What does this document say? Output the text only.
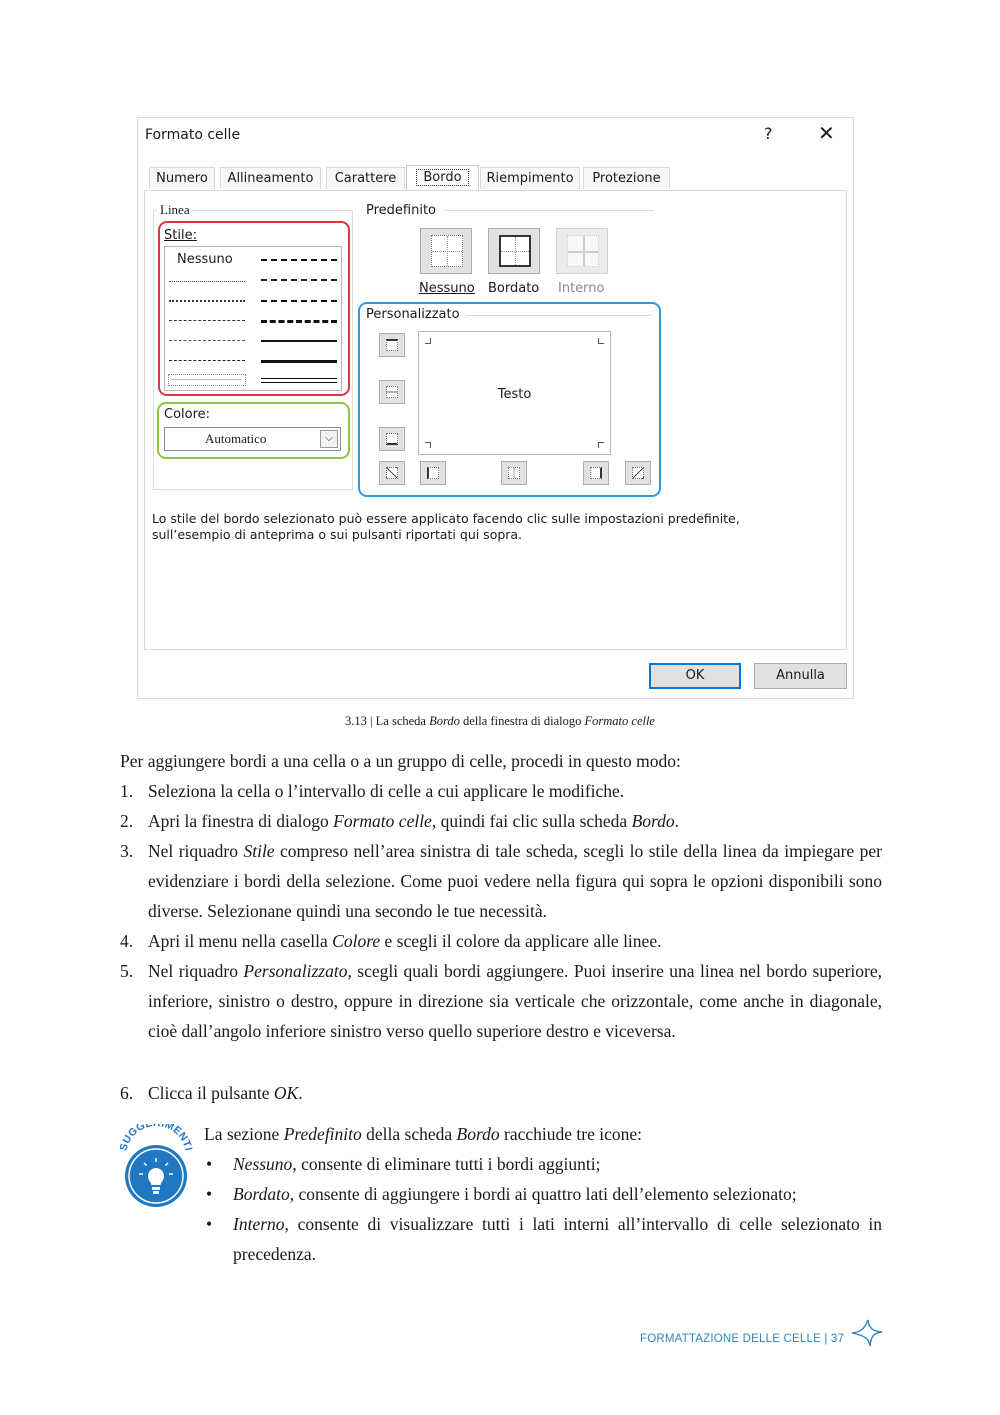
Formato celle	? ✕
Numero	Allineamento	Carattere	Bordo	Riempimento	Protezione
Lo stile del bordo selezionato può essere applicato facendo clic sulle impostazioni predefinite,
sull’esempio di anteprima o sui pulsanti riportati qui sopra.
OK	Annulla
Linea
Stile:
Nessuno
Colore:
Automatico	⌵
Predefinito
Nessuno Bordato Interno
Personalizzato
Testo
3.13 | La scheda Bordo della finestra di dialogo Formato celle
Per aggiungere bordi a una cella o a un gruppo di celle, procedi in questo modo:
1. Seleziona la cella o l’intervallo di celle a cui applicare le modifiche.
2. Apri la finestra di dialogo Formato celle, quindi fai clic sulla scheda Bordo.
3. Nel riquadro Stile compreso nell’area sinistra di tale scheda, scegli lo stile della linea da impiegare per evidenziare i bordi della selezione. Come puoi vedere nella figura qui sopra le opzioni disponibili sono diverse. Selezionane quindi una secondo le tue necessità.
4. Apri il menu nella casella Colore e scegli il colore da applicare alle linee.
5. Nel riquadro Personalizzato, scegli quali bordi aggiungere. Puoi inserire una linea nel bordo superiore, inferiore, sinistro o destro, oppure in direzione sia verticale che orizzontale, come anche in diagonale, cioè dall’angolo inferiore sinistro verso quello superiore destro e viceversa.
6. Clicca il pulsante OK.
SUGG MENTI
La sezione Predefinito della scheda Bordo racchiude tre icone:
• Nessuno, consente di eliminare tutti i bordi aggiunti;
• Bordato, consente di aggiungere i bordi ai quattro lati dell’elemento selezionato;
• Interno, consente di visualizzare tutti i lati interni all’intervallo di celle selezionato in precedenza.
FORMATTAZIONE DELLE CELLE | 37
